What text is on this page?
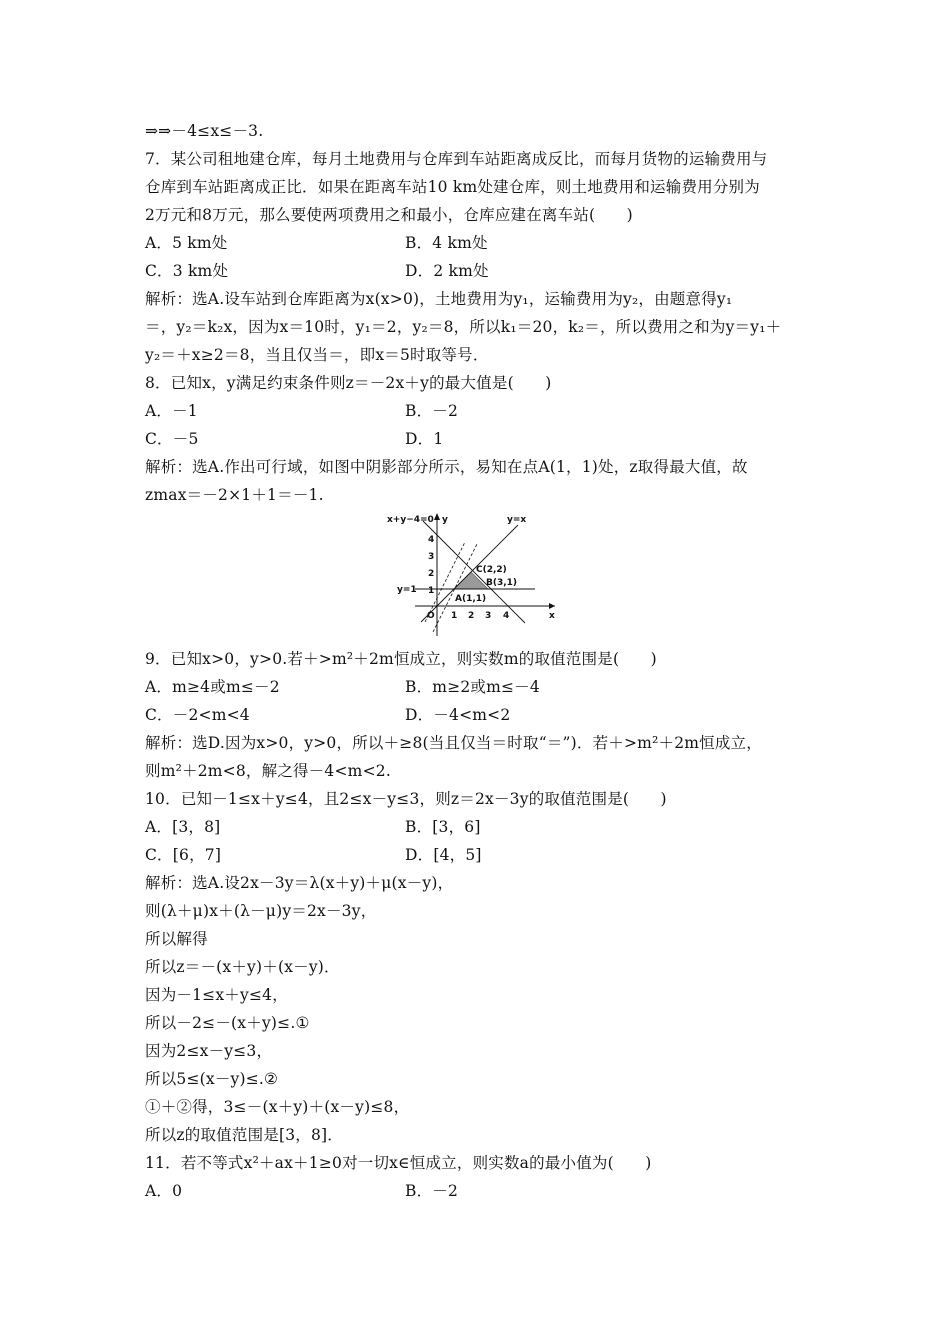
⇒⇒－4≤x≤－3.
7．某公司租地建仓库，每月土地费用与仓库到车站距离成反比，而每月货物的运输费用与
仓库到车站距离成正比．如果在距离车站10 km处建仓库，则土地费用和运输费用分别为
2万元和8万元，那么要使两项费用之和最小，仓库应建在离车站(　　)
A．5 km处	B．4 km处
C．3 km处	D．2 km处
解析：选A.设车站到仓库距离为x(x>0)，土地费用为y₁，运输费用为y₂，由题意得y₁
＝，y₂＝k₂x，因为x＝10时，y₁＝2，y₂＝8，所以k₁＝20，k₂＝，所以费用之和为y＝y₁＋
y₂＝＋x≥2＝8，当且仅当＝，即x＝5时取等号．
8．已知x，y满足约束条件则z＝－2x＋y的最大值是(　　)
A．－1	B．－2
C．－5	D．1
解析：选A.作出可行域，如图中阴影部分所示，易知在点A(1，1)处，z取得最大值，故
zmax＝－2×1＋1＝－1.
x+y−4=0 y	y=x
y=1
x
O
A(1,1)
B(3,1)
C(2,2)
1 2 3 4
1
2
3
4
9．已知x>0，y>0.若＋>m²＋2m恒成立，则实数m的取值范围是(　　)
A．m≥4或m≤－2	B．m≥2或m≤－4
C．－2<m<4	D．－4<m<2
解析：选D.因为x>0，y>0，所以＋≥8(当且仅当＝时取“＝”)．若＋>m²＋2m恒成立，
则m²＋2m<8，解之得－4<m<2.
10．已知－1≤x＋y≤4，且2≤x－y≤3，则z＝2x－3y的取值范围是(　　)
A．[3，8]	B．[3，6]
C．[6，7]	D．[4，5]
解析：选A.设2x－3y＝λ(x＋y)＋μ(x－y)，
则(λ＋μ)x＋(λ－μ)y＝2x－3y，
所以解得
所以z＝－(x＋y)＋(x－y)．
因为－1≤x＋y≤4，
所以－2≤－(x＋y)≤.①
因为2≤x－y≤3，
所以5≤(x－y)≤.②
①＋②得，3≤－(x＋y)＋(x－y)≤8，
所以z的取值范围是[3，8]．
11．若不等式x²＋ax＋1≥0对一切x∈恒成立，则实数a的最小值为(　　)
A．0	B．－2
